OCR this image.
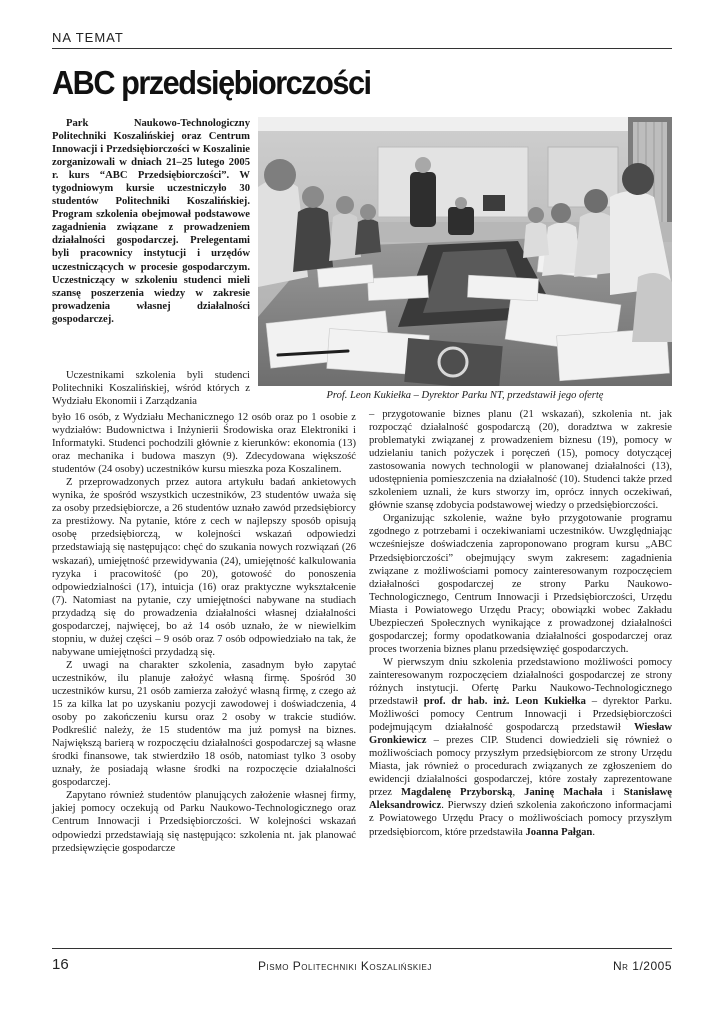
NA TEMAT
ABC przedsiębiorczości

Park Naukowo-Technologiczny Politechniki Koszalińskiej oraz Centrum Innowacji i Przedsiębiorczości w Koszalinie zorganizowali w dniach 21–25 lutego 2005 r. kurs “ABC Przedsiębiorczości”. W tygodniowym kursie uczestniczyło 30 studentów Politechniki Koszalińskiej. Program szkolenia obejmował podstawowe zagadnienia związane z prowadzeniem działalności gospodarczej. Prelegentami byli pracownicy instytucji i urzędów uczestniczących w procesie gospodarczym. Uczestniczący w szkoleniu studenci mieli szansę poszerzenia wiedzy w zakresie prowadzenia własnej działalności gospodarczej.

Prof. Leon Kukiełka – Dyrektor Parku NT, przedstawił jego ofertę

Uczestnikami szkolenia byli studenci Politechniki Koszalińskiej, wśród których z Wydziału Ekonomii i Zarządzania

było 16 osób, z Wydziału Mechanicznego 12 osób oraz po 1 osobie z wydziałów: Budownictwa i Inżynierii Środowiska oraz Elektroniki i Informatyki. Studenci pochodzili głównie z kierunków: ekonomia (13) oraz mechanika i budowa maszyn (9). Zdecydowana większość studentów (24 osoby) uczestników kursu mieszka poza Koszalinem.

Z przeprowadzonych przez autora artykułu badań ankietowych wynika, że spośród wszystkich uczestników, 23 studentów uważa się za osoby przedsiębiorcze, a 26 studentów uznało zawód przedsiębiorcy za prestiżowy. Na pytanie, które z cech w najlepszy sposób opisują osobę przedsiębiorczą, w kolejności wskazań odpowiedzi przedstawiają się następująco: chęć do szukania nowych rozwiązań (26 wskazań), umiejętność przewidywania (24), umiejętność kalkulowania ryzyka i pracowitość (po 20), gotowość do ponoszenia odpowiedzialności (17), intuicja (16) oraz praktyczne wykształcenie (7). Natomiast na pytanie, czy umiejętności nabywane na studiach przydadzą się do prowadzenia działalności własnej działalności gospodarczej, najwięcej, bo aż 14 osób uznało, że w niewielkim stopniu, w dużej części – 9 osób oraz 7 osób odpowiedziało na tak, że nabywane umiejętności przydadzą się.

Z uwagi na charakter szkolenia, zasadnym było zapytać uczestników, ilu planuje założyć własną firmę. Spośród 30 uczestników kursu, 21 osób zamierza założyć własną firmę, z czego aż 15 za kilka lat po uzyskaniu pozycji zawodowej i doświadczenia, 4 osoby po zakończeniu kursu oraz 2 osoby w trakcie studiów. Podkreślić należy, że 15 studentów ma już pomysł na biznes. Największą barierą w rozpoczęciu działalności gospodarczej są własne środki finansowe, tak stwierdziło 18 osób, natomiast tylko 3 osoby uznały, że posiadają własne środki na rozpoczęcie działalności gospodarczej.

Zapytano również studentów planujących założenie własnej firmy, jakiej pomocy oczekują od Parku Naukowo-Technologicznego oraz Centrum Innowacji i Przedsiębiorczości. W kolejności wskazań odpowiedzi przedstawiają się następująco: szkolenia nt. jak planować przedsięwzięcie gospodarcze

– przygotowanie biznes planu (21 wskazań), szkolenia nt. jak rozpocząć działalność gospodarczą (20), doradztwa w zakresie problematyki związanej z prowadzeniem biznesu (19), pomocy w udzielaniu tanich pożyczek i poręczeń (15), pomocy dotyczącej zastosowania nowych technologii w planowanej działalności (13), udostępnienia pomieszczenia na działalność (10). Studenci także przed szkoleniem uznali, że kurs stworzy im, oprócz innych oczekiwań, głównie szansę zdobycia podstawowej wiedzy o przedsiębiorczości.

Organizując szkolenie, ważne było przygotowanie programu zgodnego z potrzebami i oczekiwaniami uczestników. Uwzględniając wcześniejsze doświadczenia zaproponowano program kursu „ABC Przedsiębiorczości” obejmujący swym zakresem: zagadnienia związane z możliwościami pomocy zainteresowanym rozpoczęciem działalności gospodarczej ze strony Parku Naukowo-Technologicznego, Centrum Innowacji i Przedsiębiorczości, Urzędu Miasta i Powiatowego Urzędu Pracy; obowiązki wobec Zakładu Ubezpieczeń Społecznych wynikające z prowadzonej działalności gospodarczej; formy opodatkowania działalności gospodarczej oraz proces tworzenia biznes planu przedsięwzięć gospodarczych.

W pierwszym dniu szkolenia przedstawiono możliwości pomocy zainteresowanym rozpoczęciem działalności gospodarczej ze strony różnych instytucji. Ofertę Parku Naukowo-Technologicznego przedstawił prof. dr hab. inż. Leon Kukiełka – dyrektor Parku. Możliwości pomocy Centrum Innowacji i Przedsiębiorczości podejmującym działalność gospodarczą przedstawił Wiesław Gronkiewicz – prezes CIP. Studenci dowiedzieli się również o możliwościach pomocy przyszłym przedsiębiorcom ze strony Urzędu Miasta, jak również o procedurach związanych ze zgłoszeniem do ewidencji działalności gospodarczej, które zostały zaprezentowane przez Magdalenę Przyborską, Janinę Machała i Stanisławę Aleksandrowicz. Pierwszy dzień szkolenia zakończono informacjami z Powiatowego Urzędu Pracy o możliwościach pomocy przyszłym przedsiębiorcom, które przedstawiła Joanna Pałgan.

16	Pismo Politechniki Koszalińskiej	Nr 1/2005
